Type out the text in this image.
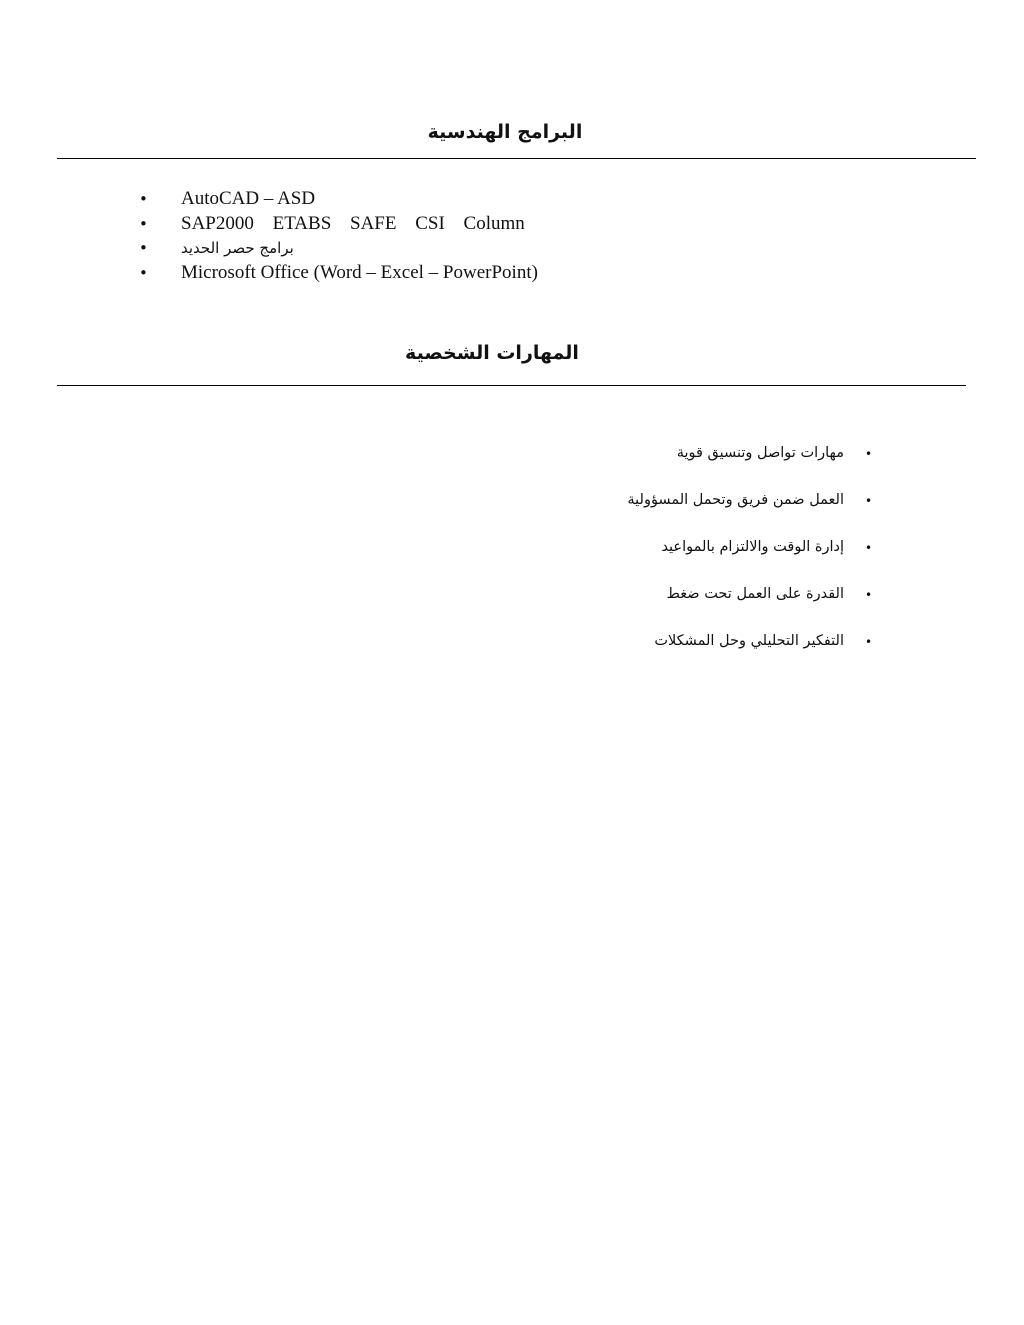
البرامج الهندسية
• AutoCAD – ASD
• SAP2000 ETABS SAFE CSI Column
•	برامج حصر الحديد
• Microsoft Office (Word – Excel – PowerPoint)
المهارات الشخصية
•
مهارات تواصل وتنسيق قوية
•
العمل ضمن فريق وتحمل المسؤولية
•
إدارة الوقت والالتزام بالمواعيد
•
القدرة على العمل تحت ضغط
•
التفكير التحليلي وحل المشكلات
